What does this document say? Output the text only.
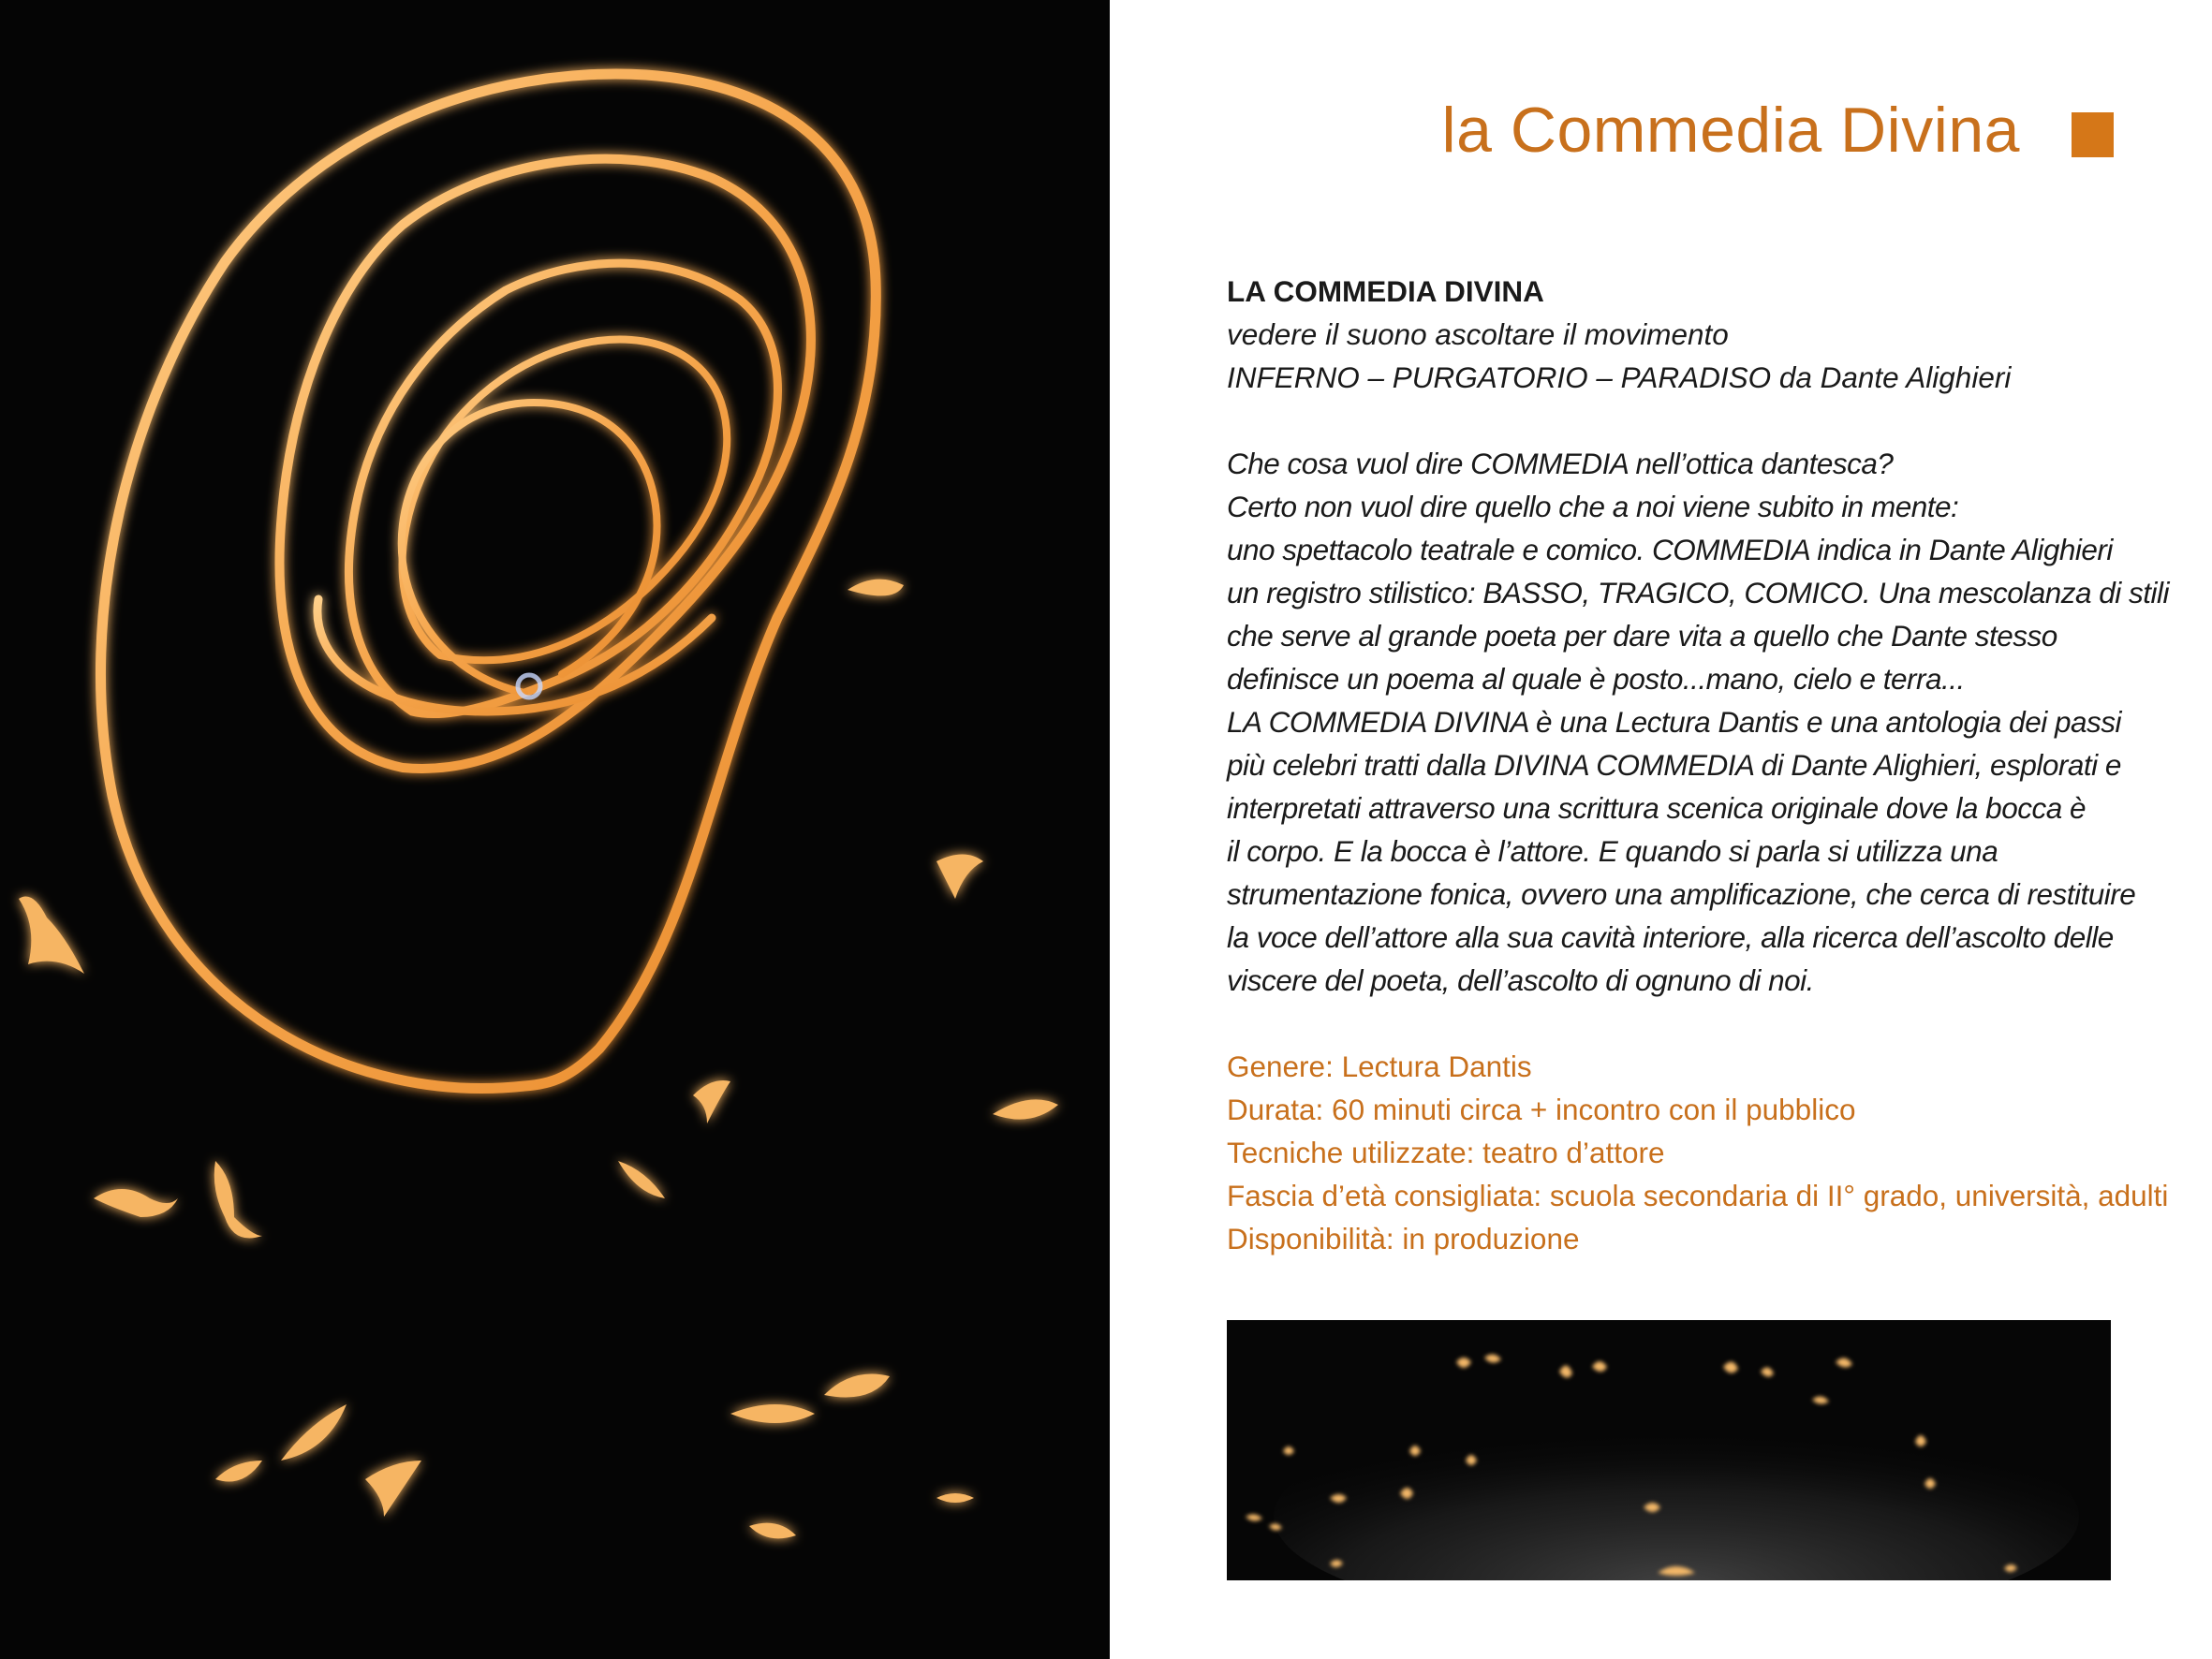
la Commedia Divina

LA COMMEDIA DIVINA

vedere il suono ascoltare il movimento

INFERNO – PURGATORIO – PARADISO da Dante Alighieri

Che cosa vuol dire COMMEDIA nell’ottica dantesca?

Certo non vuol dire quello che a noi viene subito in mente:

uno spettacolo teatrale e comico. COMMEDIA indica in Dante Alighieri

un registro stilistico: BASSO, TRAGICO, COMICO. Una mescolanza di stili

che serve al grande poeta per dare vita a quello che Dante stesso

definisce un poema al quale è posto...mano, cielo e terra...

LA COMMEDIA DIVINA è una Lectura Dantis e una antologia dei passi

più celebri tratti dalla DIVINA COMMEDIA di Dante Alighieri, esplorati e

interpretati attraverso una scrittura scenica originale dove la bocca è

il corpo. E la bocca è l’attore. E quando si parla si utilizza una

strumentazione fonica, ovvero una amplificazione, che cerca di restituire

la voce dell’attore alla sua cavità interiore, alla ricerca dell’ascolto delle

viscere del poeta, dell’ascolto di ognuno di noi.

Genere: Lectura Dantis

Durata: 60 minuti circa + incontro con il pubblico

Tecniche utilizzate: teatro d’attore

Fascia d’età consigliata: scuola secondaria di II° grado, università, adulti

Disponibilità: in produzione
